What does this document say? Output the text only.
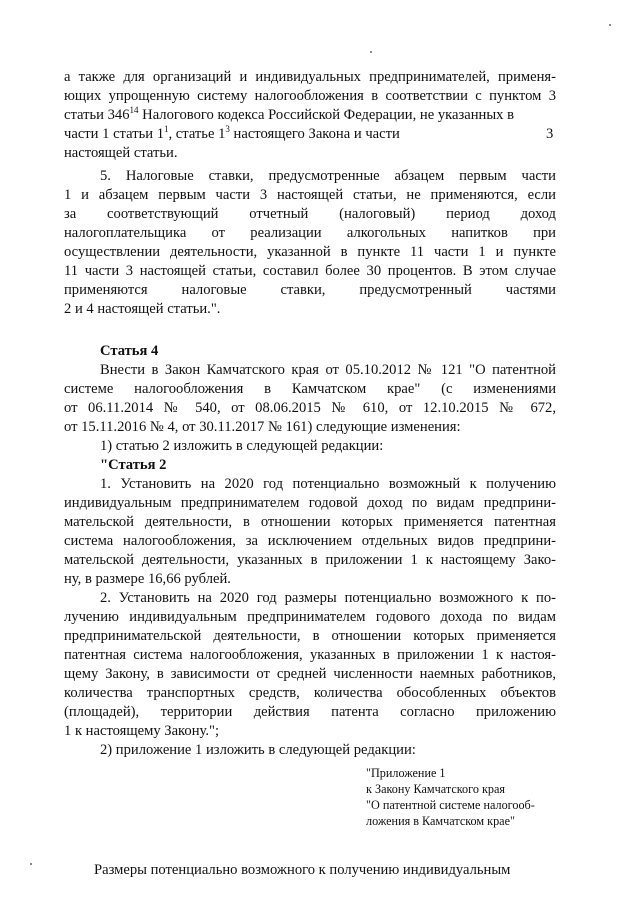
а также для организаций и индивидуальных предпринимателей, применя-
ющих упрощенную систему налогообложения в соответствии с пунктом 3
статьи $346^{14}$ Налогового кодекса Российской Федерации, не указанных в
части 1 статьи $1^1$, статье $1^3$ настоящего Закона и части	3
настоящей статьи.
5. Налоговые ставки, предусмотренные абзацем первым части
1 и абзацем первым части 3 настоящей статьи, не применяются, если
за соответствующий отчетный (налоговый) период доход
налогоплательщика от реализации алкогольных напитков при
осуществлении деятельности, указанной в пункте 11 части 1 и пункте
11 части 3 настоящей статьи, составил более 30 процентов. В этом случае
применяются налоговые ставки, предусмотренный частями
2 и 4 настоящей статьи.".
Статья 4
Внести в Закон Камчатского края от 05.10.2012 № 121 "О патентной
системе налогообложения в Камчатском крае" (с изменениями
от 06.11.2014 № 540, от 08.06.2015 № 610, от 12.10.2015 № 672,
от 15.11.2016 № 4, от 30.11.2017 № 161) следующие изменения:
1) статью 2 изложить в следующей редакции:
"Статья 2
1. Установить на 2020 год потенциально возможный к получению
индивидуальным предпринимателем годовой доход по видам предприни-
мательской деятельности, в отношении которых применяется патентная
система налогообложения, за исключением отдельных видов предприни-
мательской деятельности, указанных в приложении 1 к настоящему Зако-
ну, в размере 16,66 рублей.
2. Установить на 2020 год размеры потенциально возможного к по-
лучению индивидуальным предпринимателем годового дохода по видам
предпринимательской деятельности, в отношении которых применяется
патентная система налогообложения, указанных в приложении 1 к настоя-
щему Закону, в зависимости от средней численности наемных работников,
количества транспортных средств, количества обособленных объектов
(площадей), территории действия патента согласно приложению
1 к настоящему Закону.";
2) приложение 1 изложить в следующей редакции:
"Приложение 1
к Закону Камчатского края
"О патентной системе налогооб-
ложения в Камчатском крае"
Размеры потенциально возможного к получению индивидуальным
